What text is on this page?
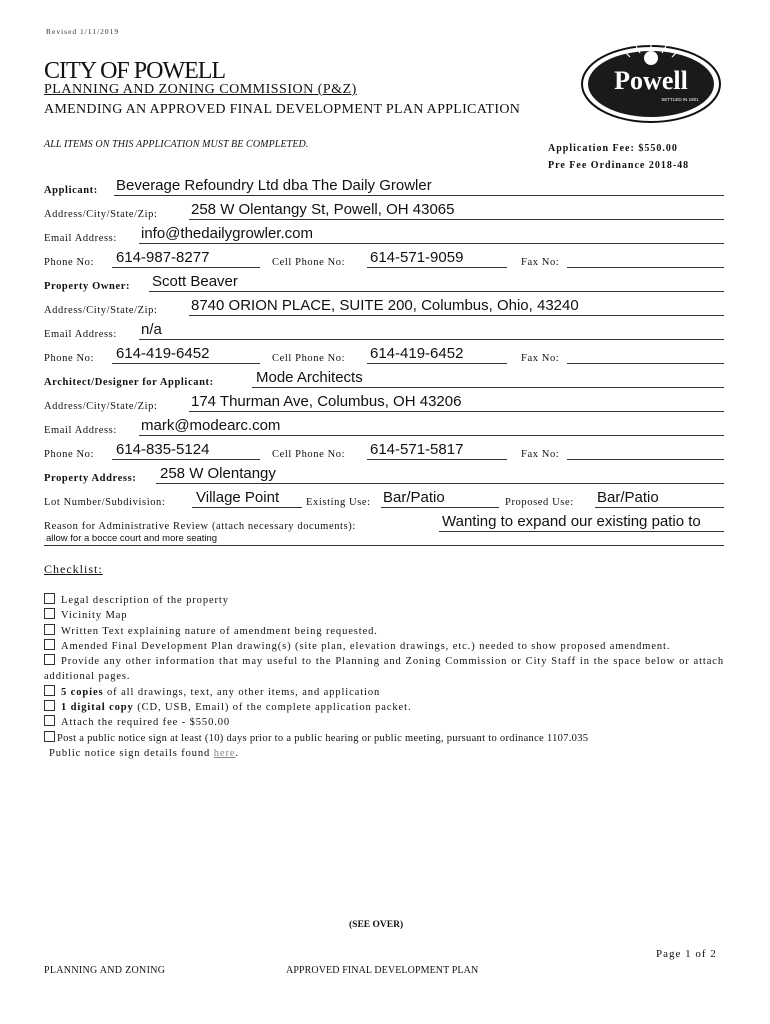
Revised 1/11/2019
CITY OF POWELL
PLANNING AND ZONING COMMISSION (P&Z)
AMENDING AN APPROVED FINAL DEVELOPMENT PLAN APPLICATION
Powell
SETTLED IN 1801
ALL ITEMS ON THIS APPLICATION MUST BE COMPLETED.	Application Fee: $550.00
Pre Fee Ordinance 2018-48
Applicant: Beverage Refoundry Ltd dba The Daily Growler
Address/City/State/Zip: 258 W Olentangy St, Powell, OH 43065
Email Address: info@thedailygrowler.com
Phone No: 614-987-8277	Cell Phone No: 614-571-9059	Fax No:
Property Owner: Scott Beaver
Address/City/State/Zip: 8740 ORION PLACE, SUITE 200, Columbus, Ohio, 43240
Email Address: n/a
Phone No: 614-419-6452	Cell Phone No: 614-419-6452	Fax No:
Architect/Designer for Applicant:	Mode Architects
Address/City/State/Zip: 174 Thurman Ave, Columbus, OH 43206
Email Address: mark@modearc.com
Phone No: 614-835-5124	Cell Phone No: 614-571-5817	Fax No:
Property Address: 258 W Olentangy
Lot Number/Subdivision: Village Point	Existing Use: Bar/Patio	Proposed Use: Bar/Patio
Reason for Administrative Review (attach necessary documents):	Wanting to expand our existing patio to
allow for a bocce court and more seating
Checklist:
Legal description of the property
Vicinity Map
Written Text explaining nature of amendment being requested.
Amended Final Development Plan drawing(s) (site plan, elevation drawings, etc.) needed to show proposed amendment.
Provide any other information that may useful to the Planning and Zoning Commission or City Staff in the space below or attach additional pages.
5 copies of all drawings, text, any other items, and application
1 digital copy (CD, USB, Email) of the complete application packet.
Attach the required fee - $550.00
Post a public notice sign at least (10) days prior to a public hearing or public meeting, pursuant to ordinance 1107.035
Public notice sign details found here.
(SEE OVER)
Page 1 of 2
PLANNING AND ZONING	APPROVED FINAL DEVELOPMENT PLAN
